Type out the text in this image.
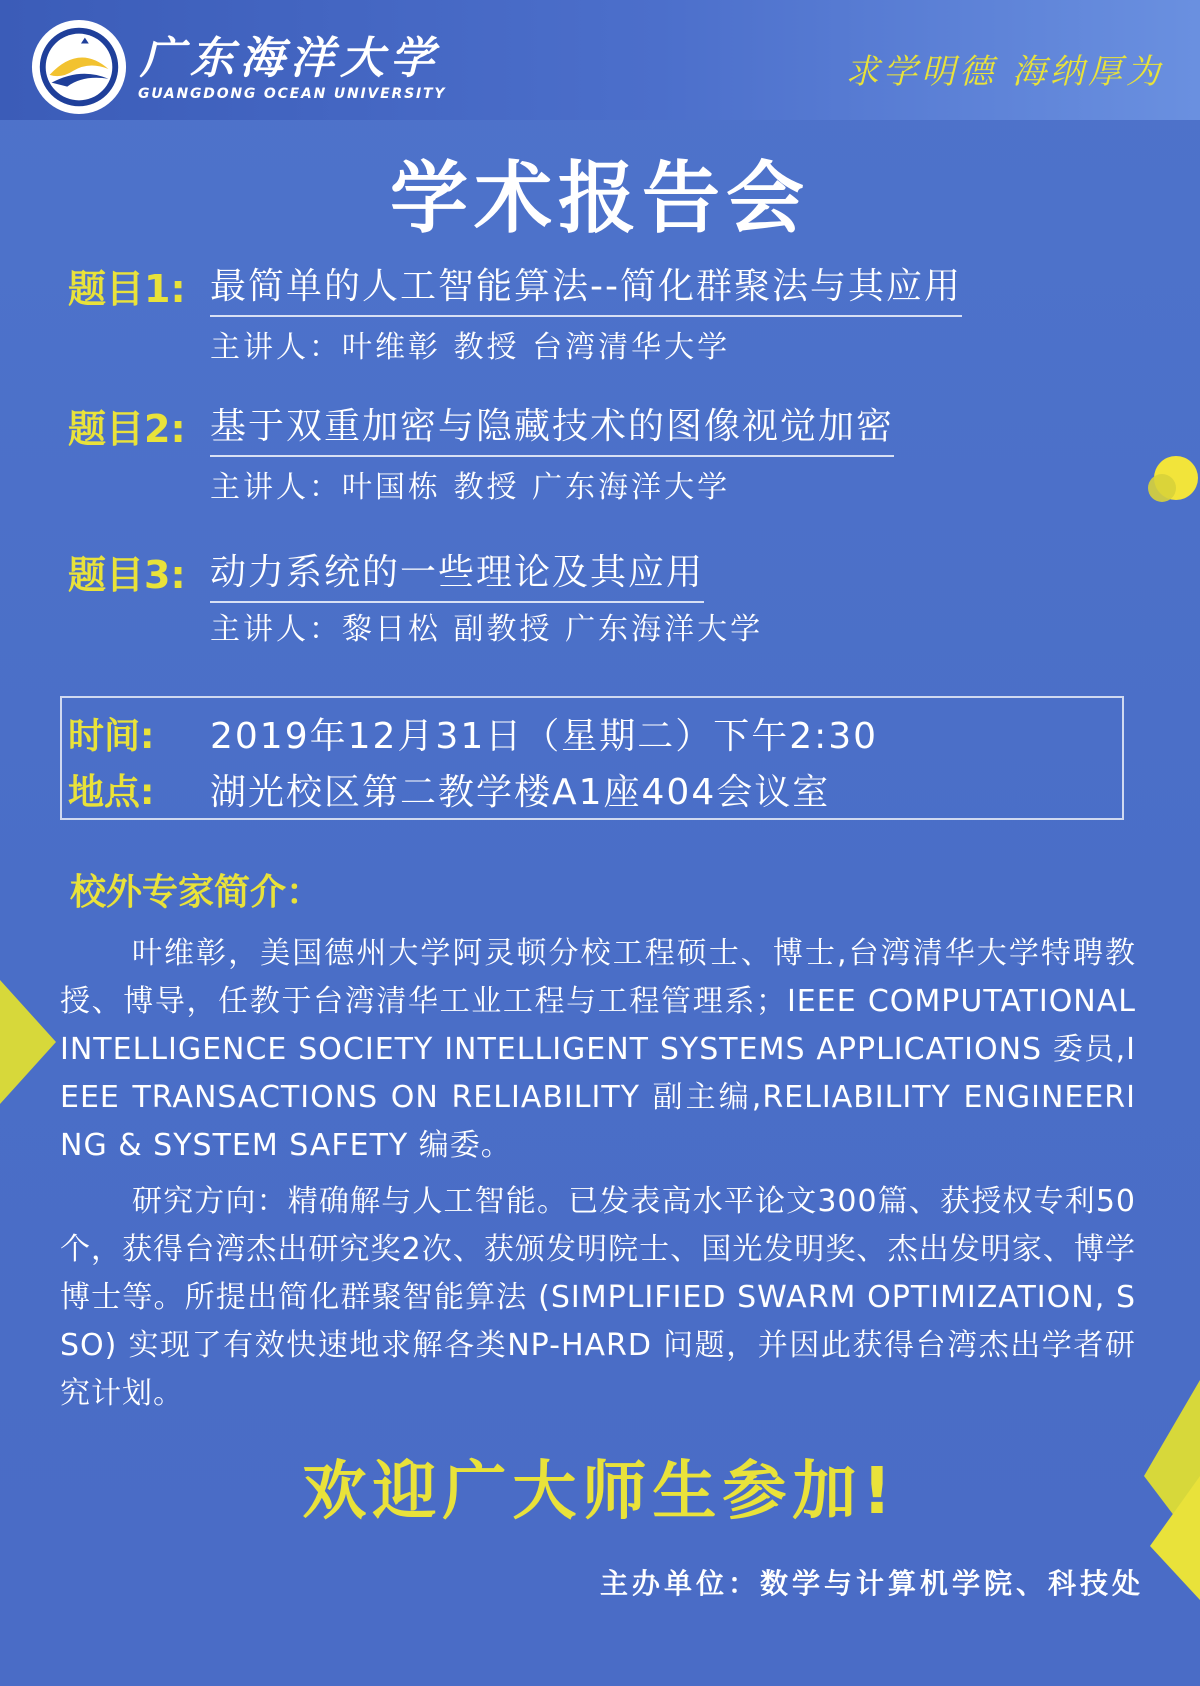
广东海洋大学
GUANGDONG OCEAN UNIVERSITY
求学明德 海纳厚为
学术报告会
题目1: 最简单的人工智能算法--简化群聚法与其应用
主讲人：叶维彰 教授 台湾清华大学
题目2: 基于双重加密与隐藏技术的图像视觉加密
主讲人：叶国栋 教授 广东海洋大学
题目3: 动力系统的一些理论及其应用
主讲人：黎日松 副教授 广东海洋大学
时间: 2019年12月31日（星期二）下午2:30
地点: 湖光校区第二教学楼A1座404会议室
校外专家简介：

叶维彰，美国德州大学阿灵顿分校工程硕士、博士,台湾清华大学特聘教授、博导，任教于台湾清华工业工程与工程管理系；IEEE COMPUTATIONAL INTELLIGENCE SOCIETY INTELLIGENT SYSTEMS APPLICATIONS 委员,IEEE TRANSACTIONS ON RELIABILITY 副主编,RELIABILITY ENGINEERING & SYSTEM SAFETY 编委。

研究方向：精确解与人工智能。已发表高水平论文300篇、获授权专利50个，获得台湾杰出研究奖2次、获颁发明院士、国光发明奖、杰出发明家、博学博士等。所提出简化群聚智能算法 (SIMPLIFIED SWARM OPTIMIZATION, SSO) 实现了有效快速地求解各类NP-HARD 问题，并因此获得台湾杰出学者研究计划。

欢迎广大师生参加!
主办单位：数学与计算机学院、科技处
